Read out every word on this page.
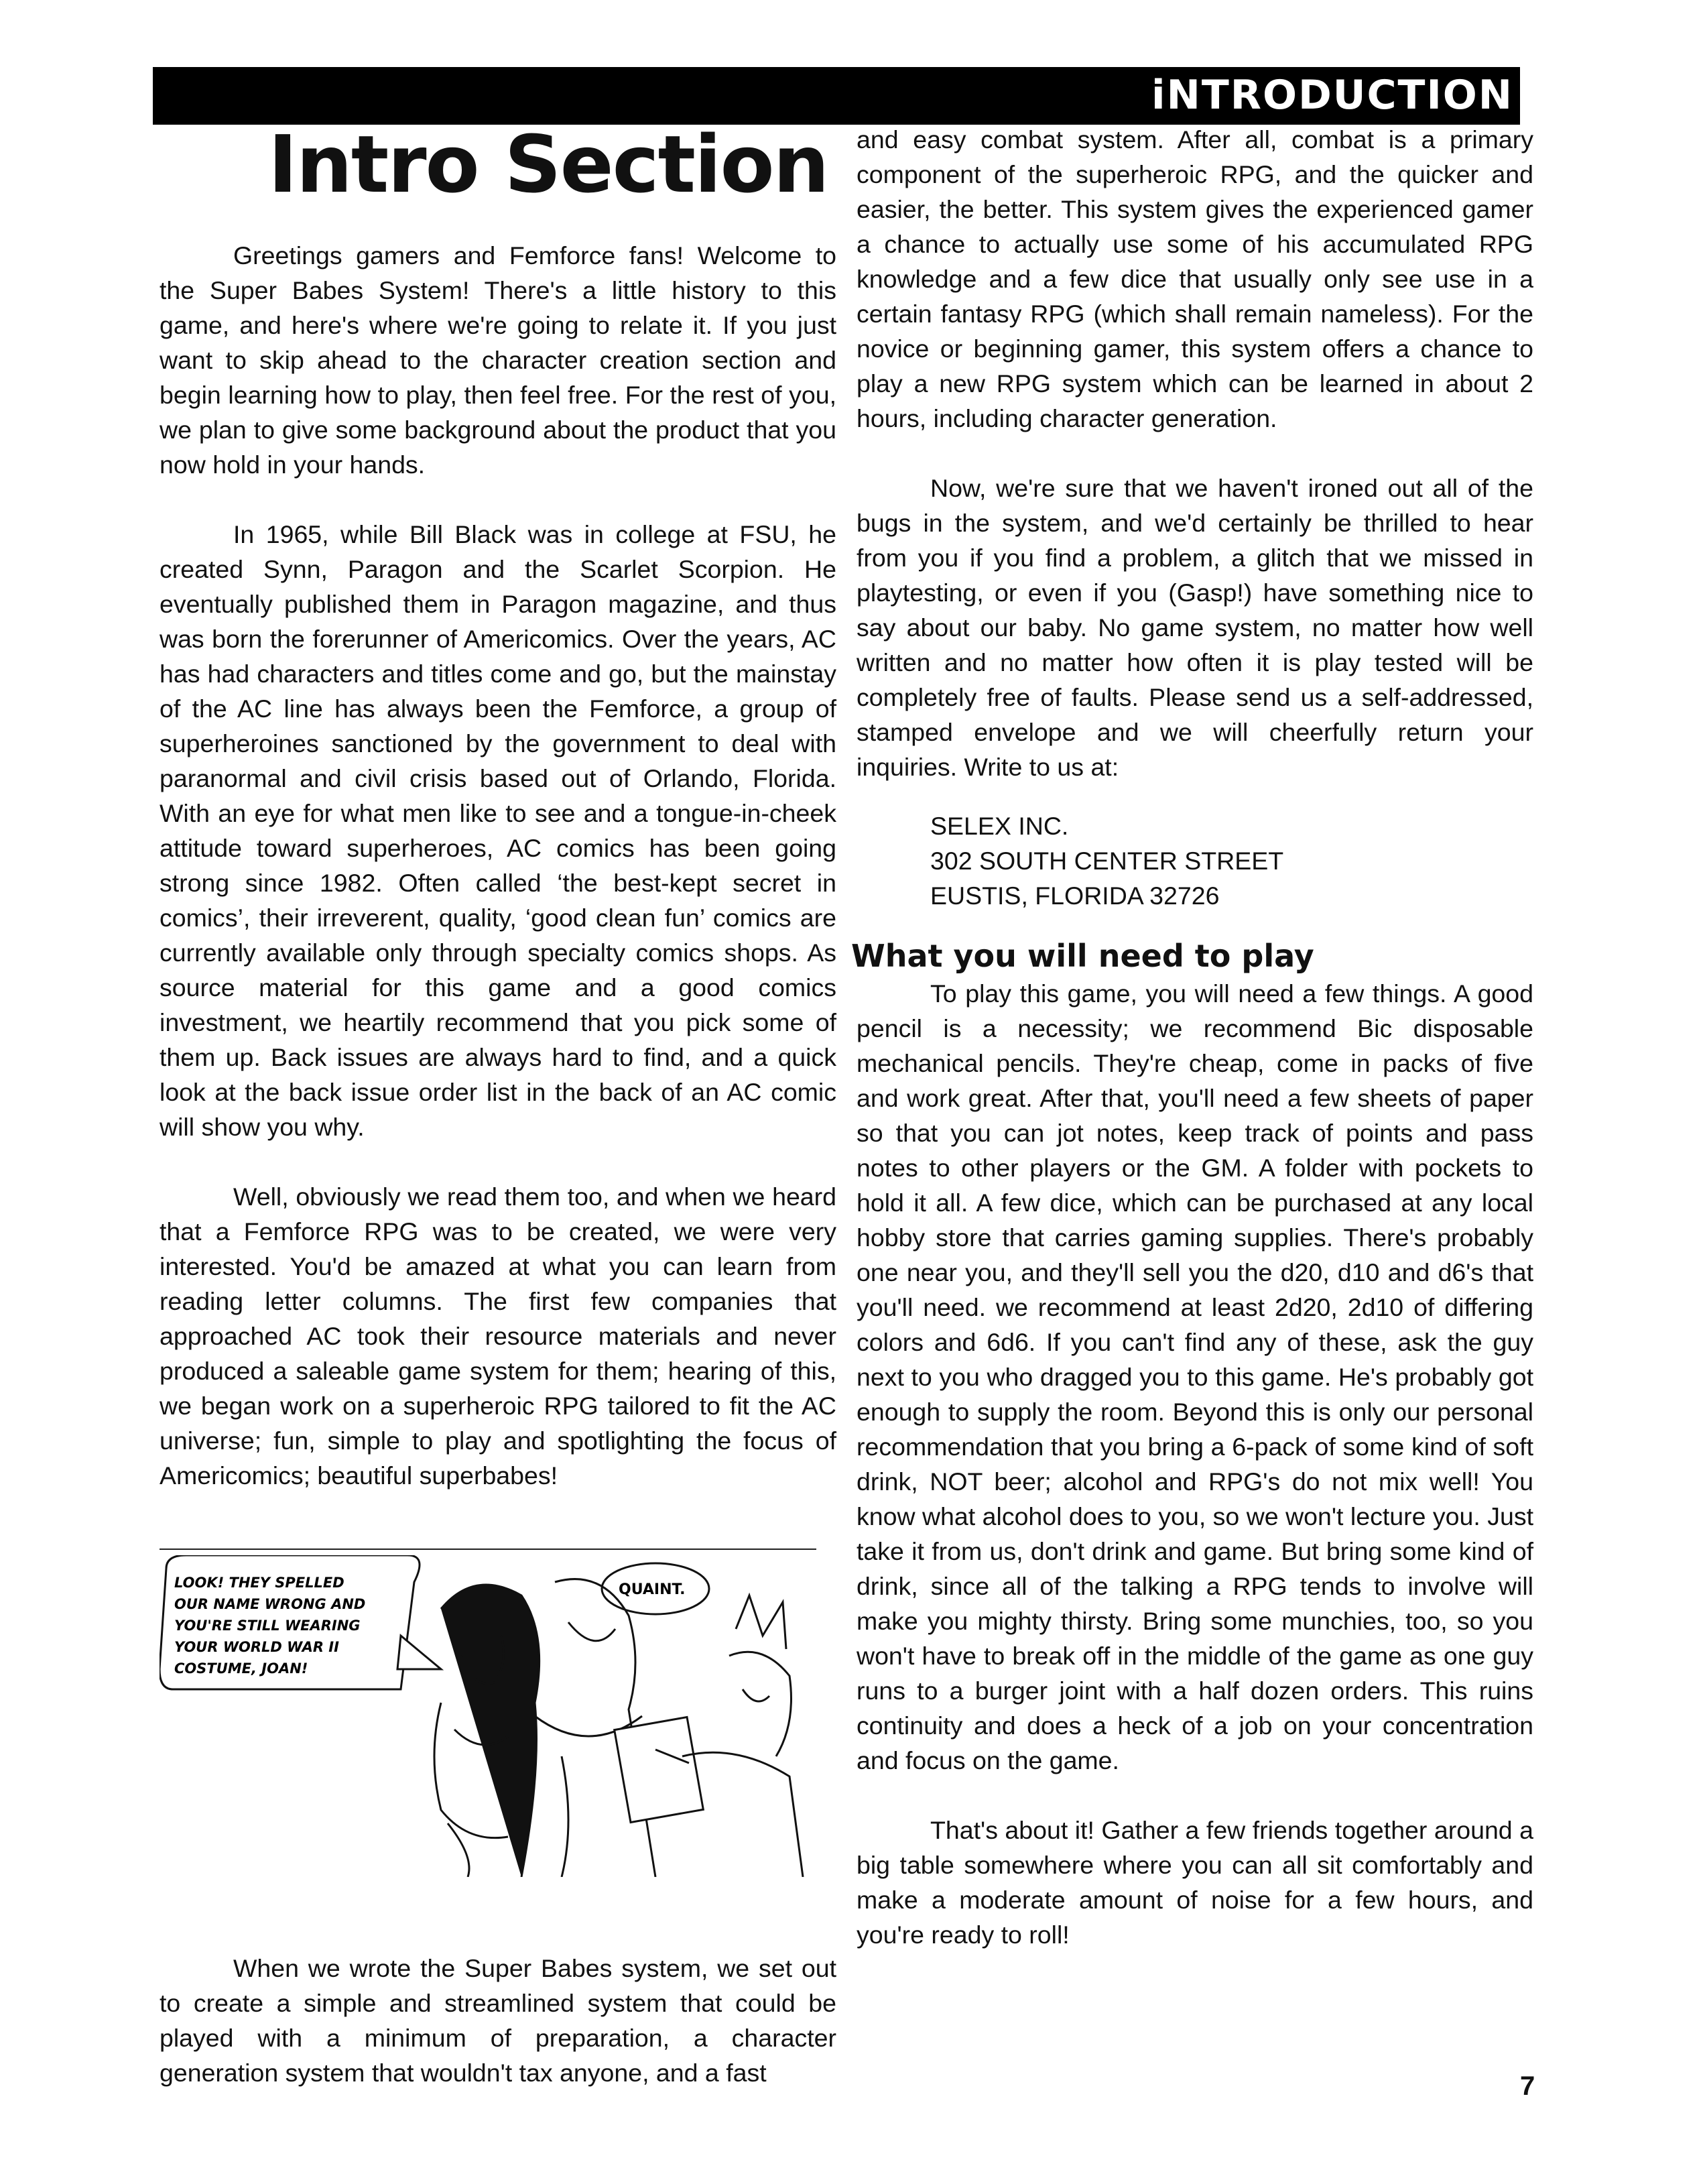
iNTRODUCTION
Intro Section

Greetings gamers and Femforce fans! Welcome to the Super Babes System! There's a little history to this game, and here's where we're going to relate it. If you just want to skip ahead to the character creation section and begin learning how to play, then feel free. For the rest of you, we plan to give some background about the product that you now hold in your hands.

In 1965, while Bill Black was in college at FSU, he created Synn, Paragon and the Scarlet Scorpion. He eventually published them in Paragon magazine, and thus was born the forerunner of Americomics. Over the years, AC has had characters and titles come and go, but the mainstay of the AC line has always been the Femforce, a group of superheroines sanctioned by the government to deal with paranormal and civil crisis based out of Orlando, Florida. With an eye for what men like to see and a tongue-in-cheek attitude toward superheroes, AC comics has been going strong since 1982. Often called ‘the best-kept secret in comics’, their irreverent, quality, ‘good clean fun’ comics are currently available only through specialty comics shops. As source material for this game and a good comics investment, we heartily recommend that you pick some of them up. Back issues are always hard to find, and a quick look at the back issue order list in the back of an AC comic will show you why.

Well, obviously we read them too, and when we heard that a Femforce RPG was to be created, we were very interested. You'd be amazed at what you can learn from reading letter columns. The first few companies that approached AC took their resource materials and never produced a saleable game system for them; hearing of this, we began work on a superheroic RPG tailored to fit the AC universe; fun, simple to play and spotlighting the focus of Americomics; beautiful superbabes!

LOOK! THEY SPELLED
OUR NAME WRONG AND
YOU'RE STILL WEARING
YOUR WORLD WAR II
COSTUME, JOAN!
QUAINT.

When we wrote the Super Babes system, we set out to create a simple and streamlined system that could be played with a minimum of preparation, a character generation system that wouldn't tax anyone, and a fast

and easy combat system. After all, combat is a primary component of the superheroic RPG, and the quicker and easier, the better. This system gives the experienced gamer a chance to actually use some of his accumulated RPG knowledge and a few dice that usually only see use in a certain fantasy RPG (which shall remain nameless). For the novice or beginning gamer, this system offers a chance to play a new RPG system which can be learned in about 2 hours, including character generation.

Now, we're sure that we haven't ironed out all of the bugs in the system, and we'd certainly be thrilled to hear from you if you find a problem, a glitch that we missed in playtesting, or even if you (Gasp!) have something nice to say about our baby. No game system, no matter how well written and no matter how often it is play tested will be completely free of faults. Please send us a self-addressed, stamped envelope and we will cheerfully return your inquiries. Write to us at:

SELEX INC.
302 SOUTH CENTER STREET
EUSTIS, FLORIDA 32726
What you will need to play

To play this game, you will need a few things. A good pencil is a necessity; we recommend Bic disposable mechanical pencils. They're cheap, come in packs of five and work great. After that, you'll need a few sheets of paper so that you can jot notes, keep track of points and pass notes to other players or the GM. A folder with pockets to hold it all. A few dice, which can be purchased at any local hobby store that carries gaming supplies. There's probably one near you, and they'll sell you the d20, d10 and d6's that you'll need. we recommend at least 2d20, 2d10 of differing colors and 6d6. If you can't find any of these, ask the guy next to you who dragged you to this game. He's probably got enough to supply the room. Beyond this is only our personal recommendation that you bring a 6-pack of some kind of soft drink, NOT beer; alcohol and RPG's do not mix well! You know what alcohol does to you, so we won't lecture you. Just take it from us, don't drink and game. But bring some kind of drink, since all of the talking a RPG tends to involve will make you mighty thirsty. Bring some munchies, too, so you won't have to break off in the middle of the game as one guy runs to a burger joint with a half dozen orders. This ruins continuity and does a heck of a job on your concentration and focus on the game.

That's about it! Gather a few friends together around a big table somewhere where you can all sit comfortably and make a moderate amount of noise for a few hours, and you're ready to roll!

7
